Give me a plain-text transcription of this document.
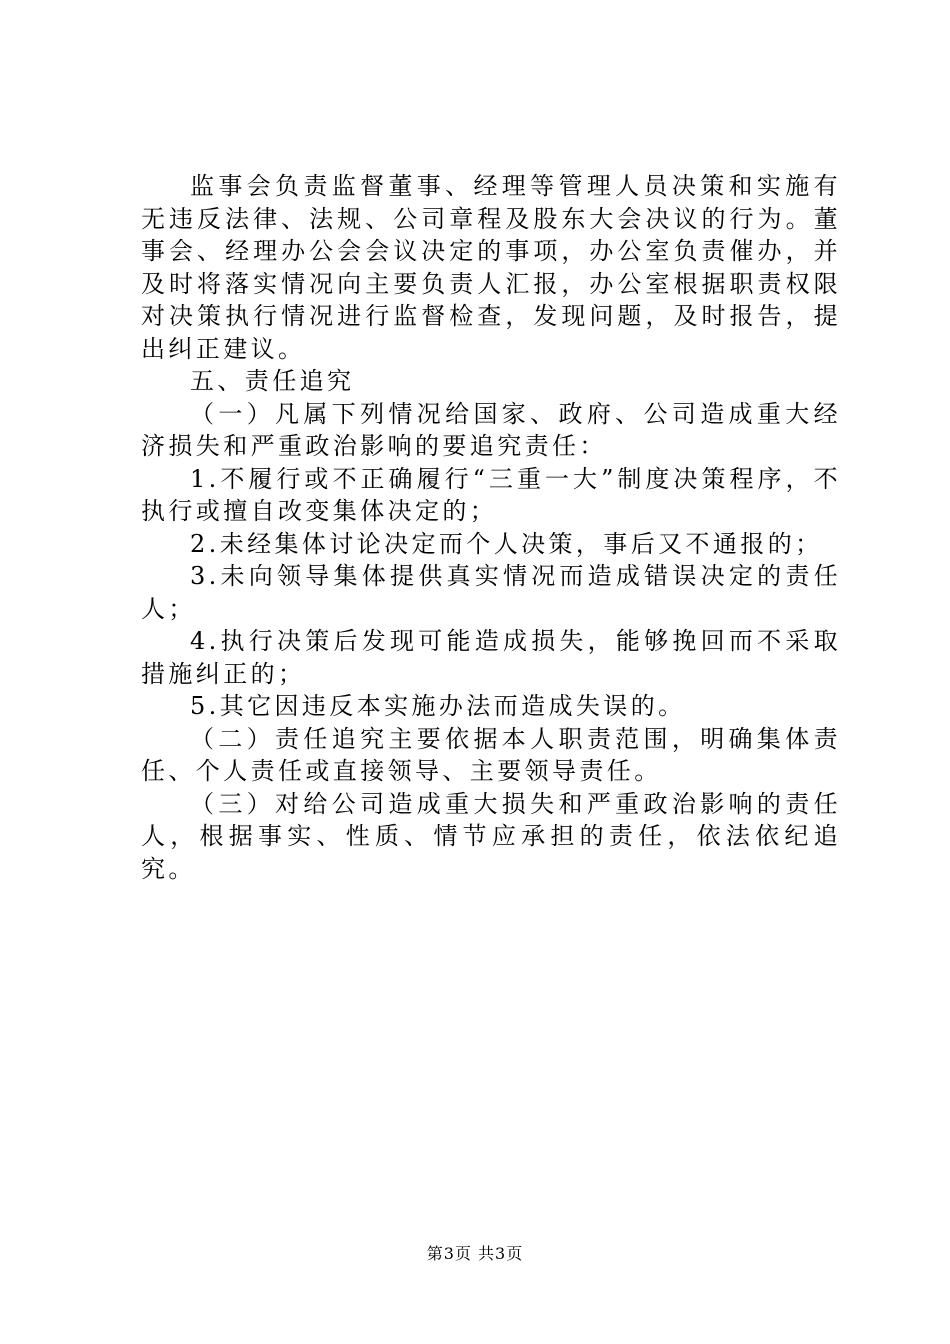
监事会负责监督董事、经理等管理人员决策和实施有无违反法律、法规、公司章程及股东大会决议的行为。董事会、经理办公会会议决定的事项，办公室负责催办，并及时将落实情况向主要负责人汇报，办公室根据职责权限对决策执行情况进行监督检查，发现问题，及时报告，提出纠正建议。

五、责任追究

（一）凡属下列情况给国家、政府、公司造成重大经济损失和严重政治影响的要追究责任：

1.不履行或不正确履行“三重一大”制度决策程序，不执行或擅自改变集体决定的；

2.未经集体讨论决定而个人决策，事后又不通报的；

3.未向领导集体提供真实情况而造成错误决定的责任人；

4.执行决策后发现可能造成损失，能够挽回而不采取措施纠正的；

5.其它因违反本实施办法而造成失误的。

（二）责任追究主要依据本人职责范围，明确集体责任、个人责任或直接领导、主要领导责任。

（三）对给公司造成重大损失和严重政治影响的责任人，根据事实、性质、情节应承担的责任，依法依纪追究。

第3页 共3页
